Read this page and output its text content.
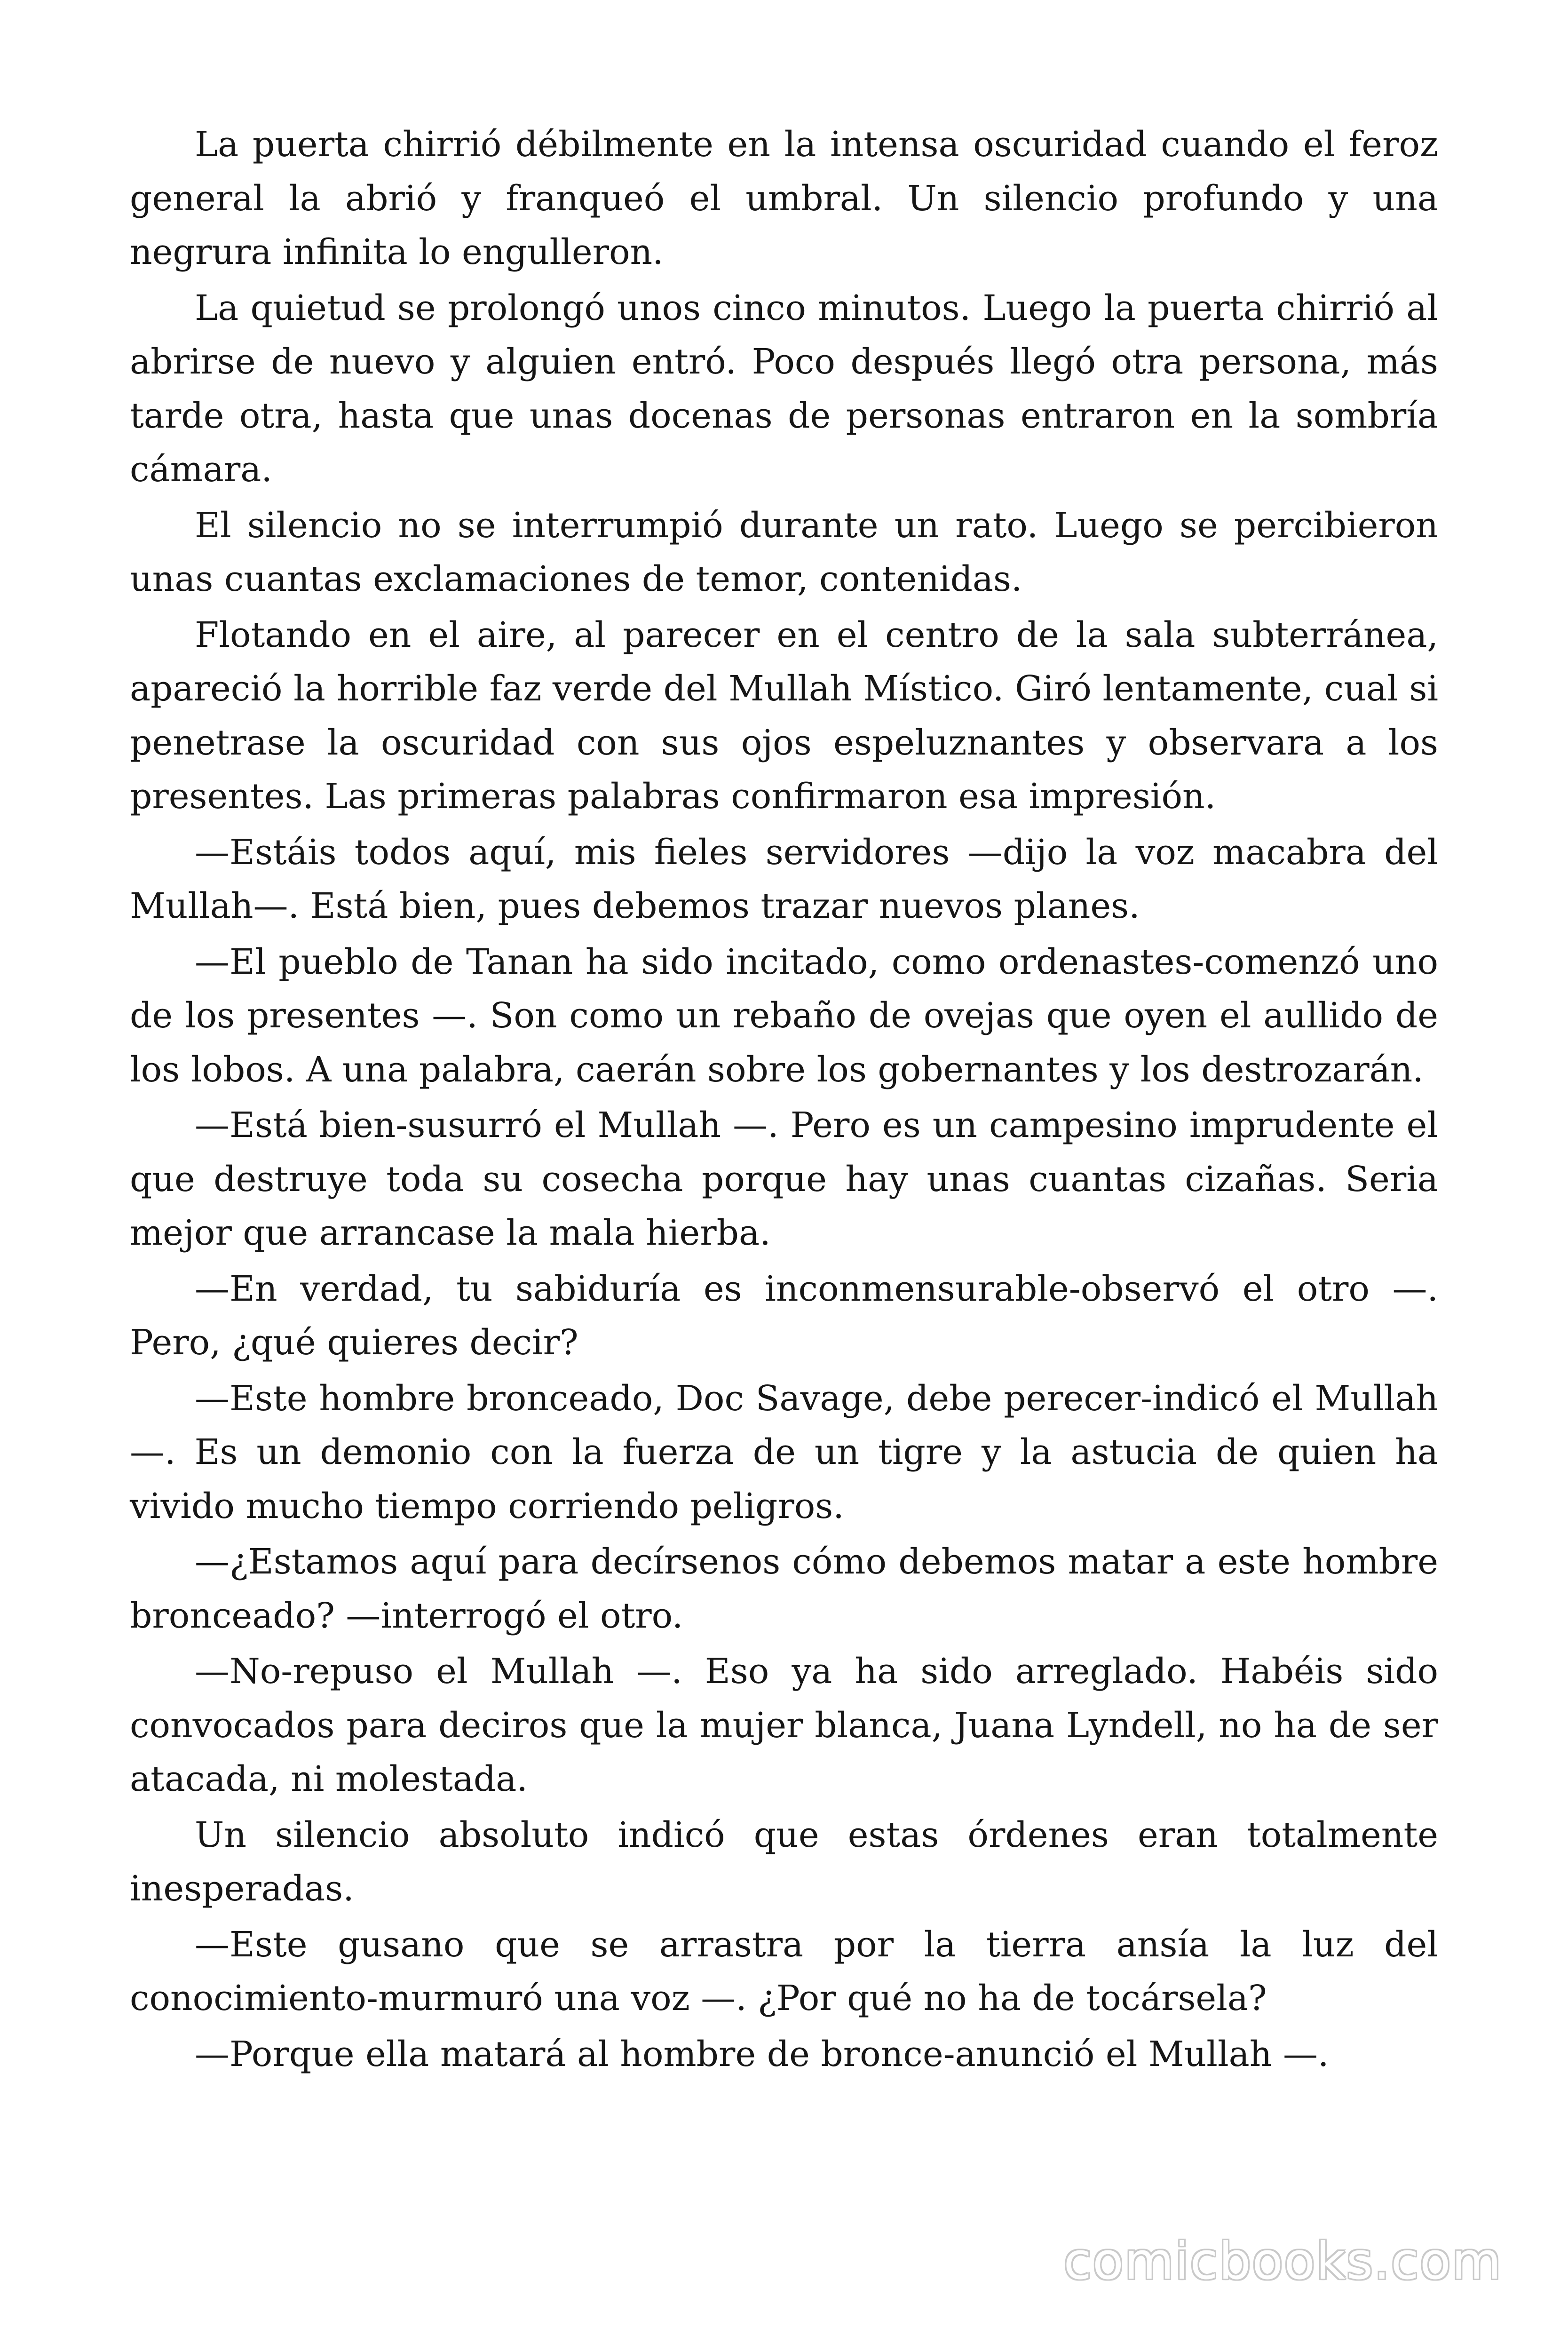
La puerta chirrió débilmente en la intensa oscuridad cuando el feroz general la abrió y franqueó el umbral. Un silencio profundo y una negrura infinita lo engulleron.

La quietud se prolongó unos cinco minutos. Luego la puerta chirrió al abrirse de nuevo y alguien entró. Poco después llegó otra persona, más tarde otra, hasta que unas docenas de personas entraron en la sombría cámara.

El silencio no se interrumpió durante un rato. Luego se percibieron unas cuantas exclamaciones de temor, contenidas.

Flotando en el aire, al parecer en el centro de la sala subterránea, apareció la horrible faz verde del Mullah Místico. Giró lentamente, cual si penetrase la oscuridad con sus ojos espeluznantes y observara a los presentes. Las primeras palabras confirmaron esa impresión.

—Estáis todos aquí, mis fieles servidores —dijo la voz macabra del Mullah—. Está bien, pues debemos trazar nuevos planes.

—El pueblo de Tanan ha sido incitado, como ordenastes-comenzó uno de los presentes —. Son como un rebaño de ovejas que oyen el aullido de los lobos. A una palabra, caerán sobre los gobernantes y los destrozarán.

—Está bien-susurró el Mullah —. Pero es un campesino imprudente el que destruye toda su cosecha porque hay unas cuantas cizañas. Seria mejor que arrancase la mala hierba.

—En verdad, tu sabiduría es inconmensurable-observó el otro —. Pero, ¿qué quieres decir?

—Este hombre bronceado, Doc Savage, debe perecer-indicó el Mullah —. Es un demonio con la fuerza de un tigre y la astucia de quien ha vivido mucho tiempo corriendo peligros.

—¿Estamos aquí para decírsenos cómo debemos matar a este hombre bronceado? —interrogó el otro.

—No-repuso el Mullah —. Eso ya ha sido arreglado. Habéis sido convocados para deciros que la mujer blanca, Juana Lyndell, no ha de ser atacada, ni molestada.

Un silencio absoluto indicó que estas órdenes eran totalmente inesperadas.

—Este gusano que se arrastra por la tierra ansía la luz del conocimiento-murmuró una voz —. ¿Por qué no ha de tocársela?

—Porque ella matará al hombre de bronce-anunció el Mullah —.

comicbooks.com
